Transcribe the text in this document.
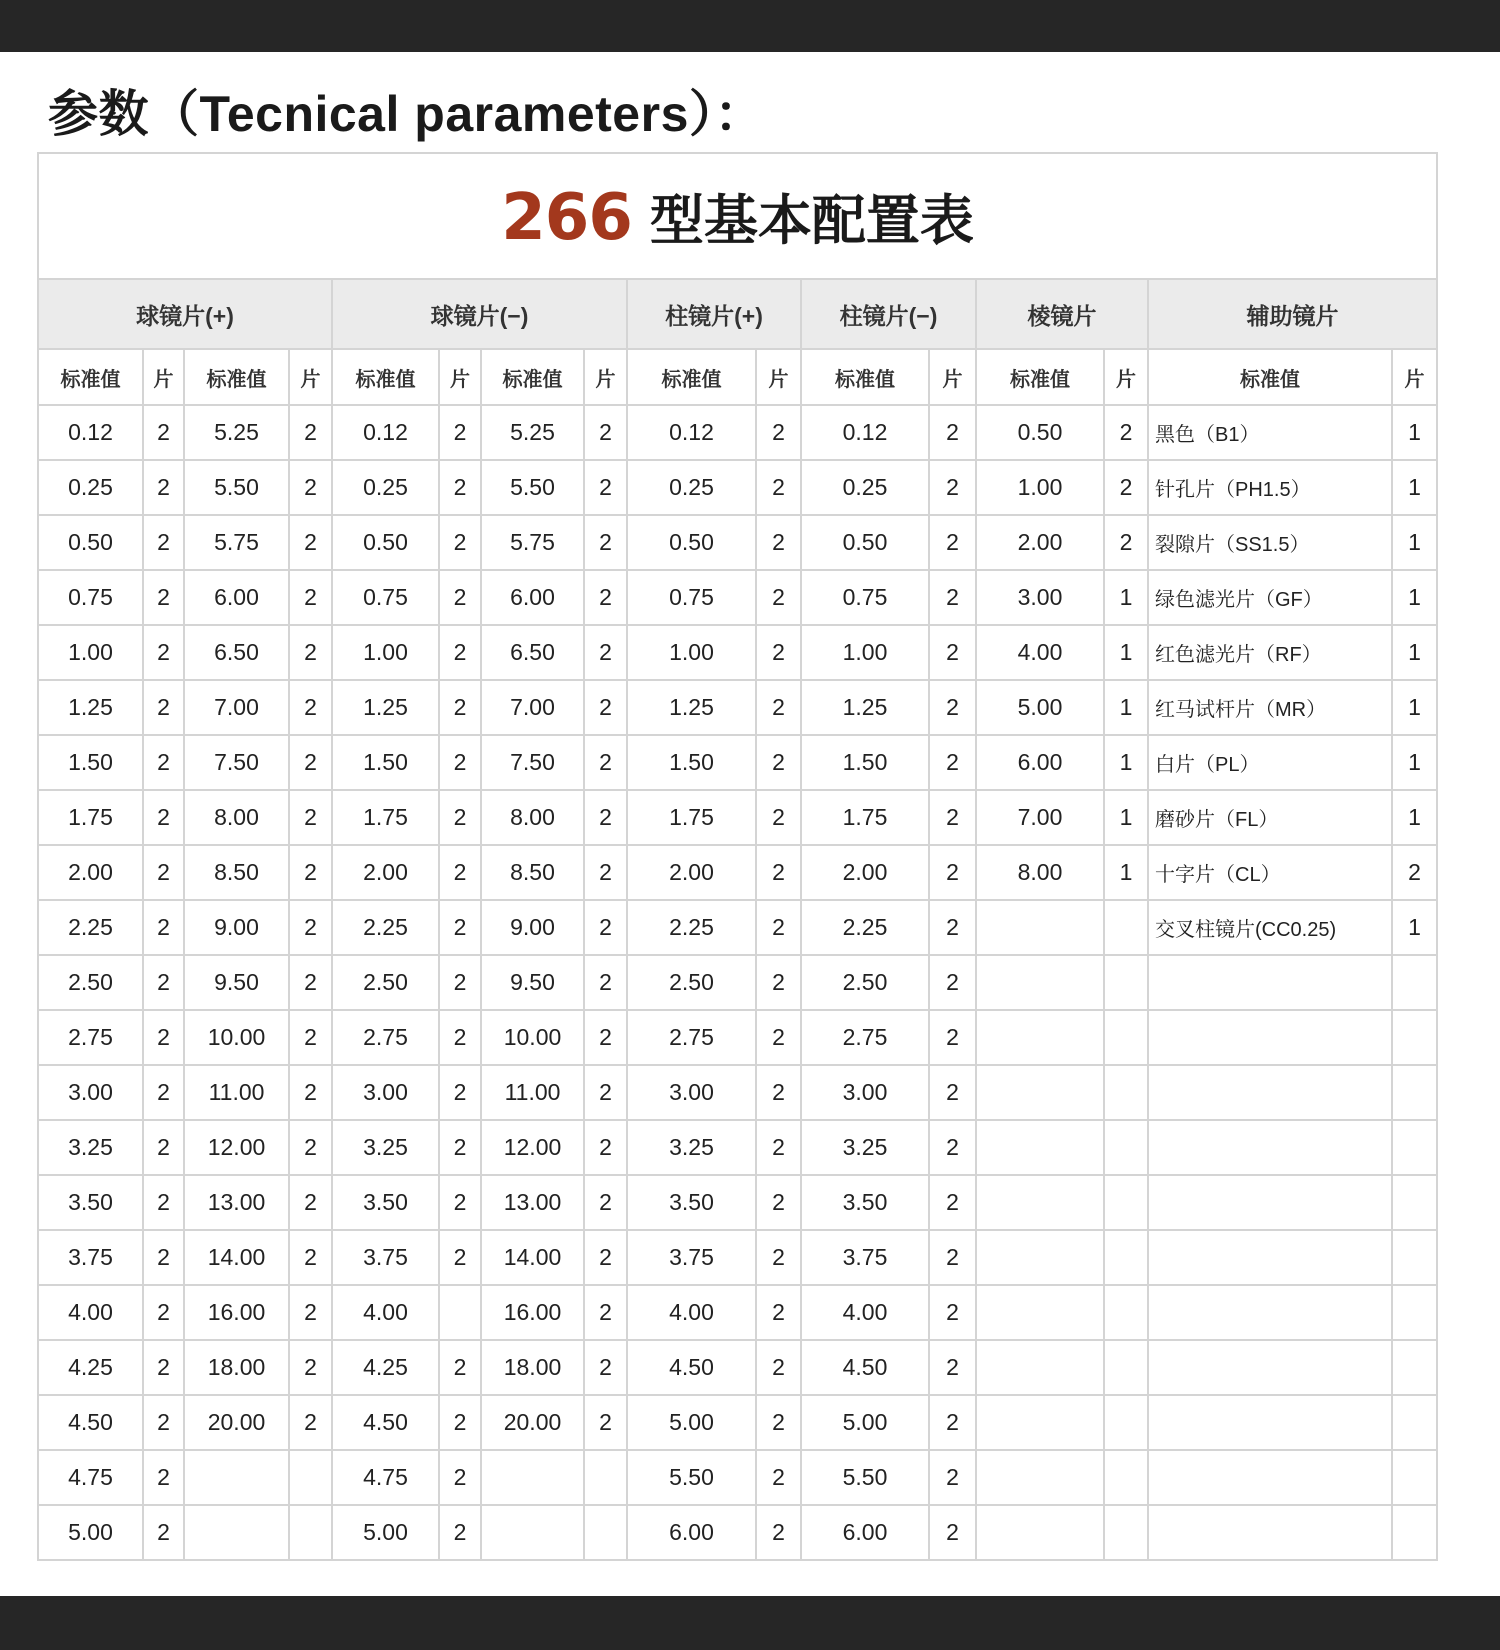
参数（Tecnical parameters）：
266 型基本配置表															
球镜片(+)				球镜片(−)				柱镜片(+)		柱镜片(−)		棱镜片		辅助镜片	
标准值	片	标准值	片	标准值	片	标准值	片	标准值	片	标准值	片	标准值	片	标准值	片
0.12	2	5.25	2	0.12	2	5.25	2	0.12	2	0.12	2	0.50	2	黑色（B1）	1
0.25	2	5.50	2	0.25	2	5.50	2	0.25	2	0.25	2	1.00	2	针孔片（PH1.5）	1
0.50	2	5.75	2	0.50	2	5.75	2	0.50	2	0.50	2	2.00	2	裂隙片（SS1.5）	1
0.75	2	6.00	2	0.75	2	6.00	2	0.75	2	0.75	2	3.00	1	绿色滤光片（GF）	1
1.00	2	6.50	2	1.00	2	6.50	2	1.00	2	1.00	2	4.00	1	红色滤光片（RF）	1
1.25	2	7.00	2	1.25	2	7.00	2	1.25	2	1.25	2	5.00	1	红马试杆片（MR）	1
1.50	2	7.50	2	1.50	2	7.50	2	1.50	2	1.50	2	6.00	1	白片（PL）	1
1.75	2	8.00	2	1.75	2	8.00	2	1.75	2	1.75	2	7.00	1	磨砂片（FL）	1
2.00	2	8.50	2	2.00	2	8.50	2	2.00	2	2.00	2	8.00	1	十字片（CL）	2
2.25	2	9.00	2	2.25	2	9.00	2	2.25	2	2.25	2			交叉柱镜片(CC0.25)	1
2.50	2	9.50	2	2.50	2	9.50	2	2.50	2	2.50	2				
2.75	2	10.00	2	2.75	2	10.00	2	2.75	2	2.75	2				
3.00	2	11.00	2	3.00	2	11.00	2	3.00	2	3.00	2				
3.25	2	12.00	2	3.25	2	12.00	2	3.25	2	3.25	2				
3.50	2	13.00	2	3.50	2	13.00	2	3.50	2	3.50	2				
3.75	2	14.00	2	3.75	2	14.00	2	3.75	2	3.75	2				
4.00	2	16.00	2	4.00		16.00	2	4.00	2	4.00	2				
4.25	2	18.00	2	4.25	2	18.00	2	4.50	2	4.50	2				
4.50	2	20.00	2	4.50	2	20.00	2	5.00	2	5.00	2				
4.75	2			4.75	2			5.50	2	5.50	2				
5.00	2			5.00	2			6.00	2	6.00	2				
